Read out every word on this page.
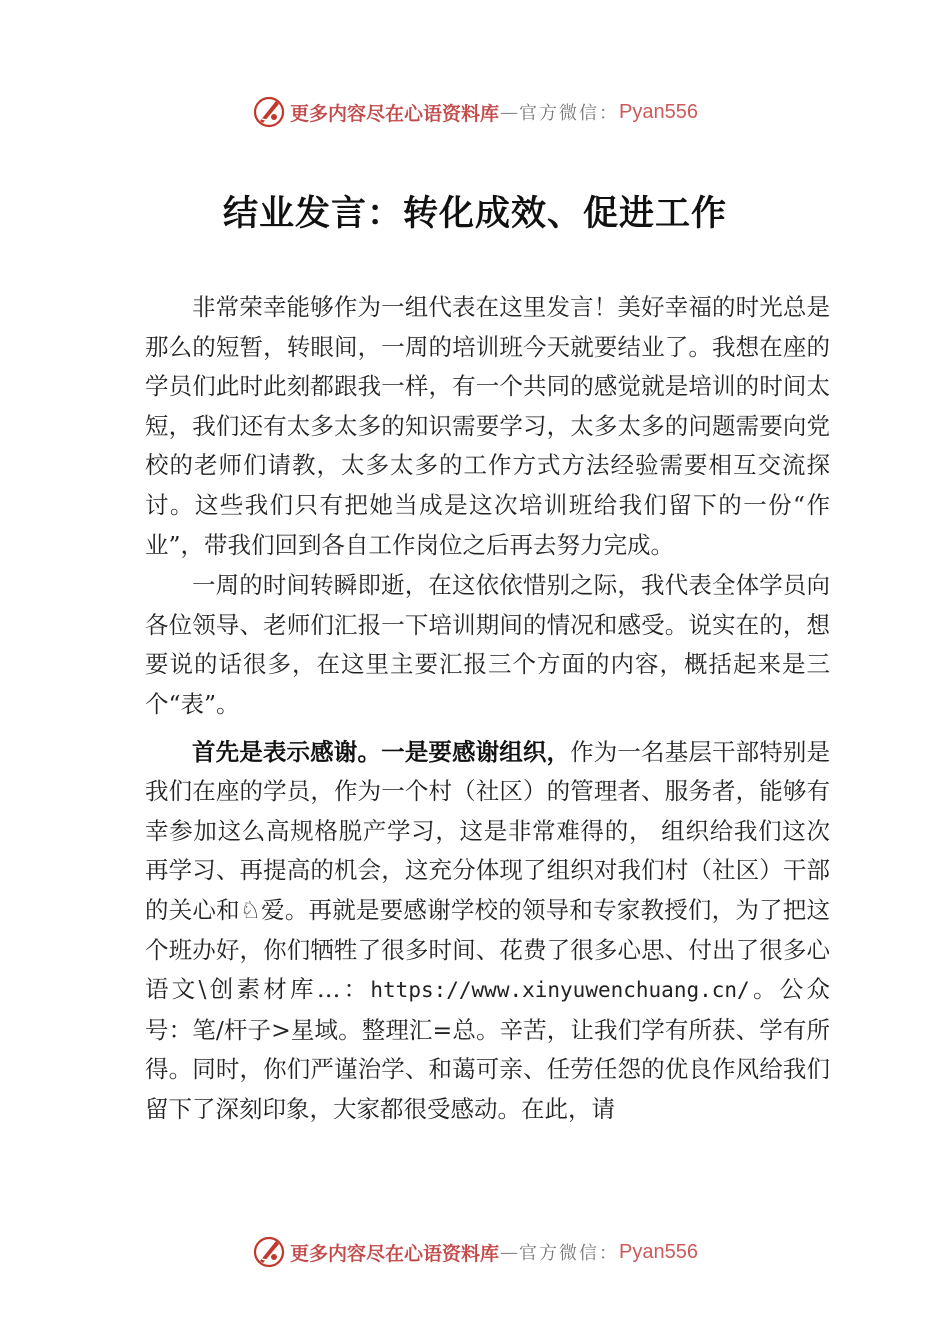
更多内容尽在心语资料库 — 官方微信： Pyan556
结业发言：转化成效、促进工作

非常荣幸能够作为一组代表在这里发言！美好幸福的时光总是那么的短暂，转眼间，一周的培训班今天就要结业了。我想在座的学员们此时此刻都跟我一样，有一个共同的感觉就是培训的时间太短，我们还有太多太多的知识需要学习，太多太多的问题需要向党校的老师们请教，太多太多的工作方式方法经验需要相互交流探讨。这些我们只有把她当成是这次培训班给我们留下的一份“作业”，带我们回到各自工作岗位之后再去努力完成。

一周的时间转瞬即逝，在这依依惜别之际，我代表全体学员向各位领导、老师们汇报一下培训期间的情况和感受。说实在的，想要说的话很多，在这里主要汇报三个方面的内容，概括起来是三个“表”。

首先是表示感谢。一是要感谢组织，作为一名基层干部特别是我们在座的学员，作为一个村（社区）的管理者、服务者，能够有幸参加这么高规格脱产学习，这是非常难得的， 组织给我们这次再学习、再提高的机会，这充分体现了组织对我们村（社区）干部的关心和♘爱。再就是要感谢学校的领导和专家教授们，为了把这个班办好，你们牺牲了很多时间、花费了很多心思、付出了很多心语文\创素材库…：https://www.xinyuwenchuang.cn/。公众号：笔/杆子>星域。整理汇=总。辛苦，让我们学有所获、学有所得。同时，你们严谨治学、和蔼可亲、任劳任怨的优良作风给我们留下了深刻印象，大家都很受感动。在此，请

更多内容尽在心语资料库 — 官方微信： Pyan556
